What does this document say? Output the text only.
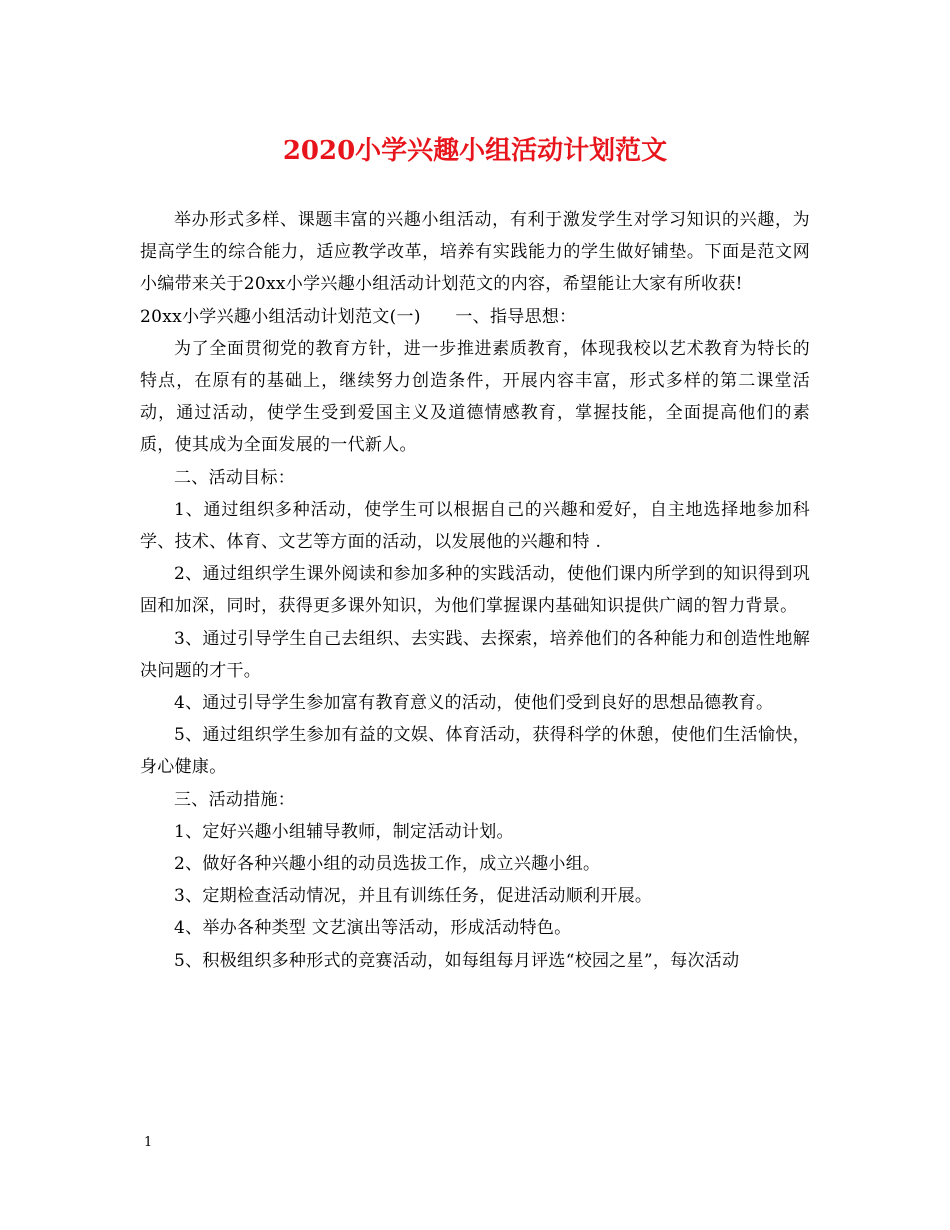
2020小学兴趣小组活动计划范文

举办形式多样、课题丰富的兴趣小组活动，有利于激发学生对学习知识的兴趣，为提高学生的综合能力，适应教学改革，培养有实践能力的学生做好铺垫。下面是范文网小编带来关于20xx小学兴趣小组活动计划范文的内容，希望能让大家有所收获!

20xx小学兴趣小组活动计划范文(一)　　一、指导思想：

为了全面贯彻党的教育方针，进一步推进素质教育，体现我校以艺术教育为特长的特点，在原有的基础上，继续努力创造条件，开展内容丰富，形式多样的第二课堂活动，通过活动，使学生受到爱国主义及道德情感教育，掌握技能，全面提高他们的素质，使其成为全面发展的一代新人。

二、活动目标：

1、通过组织多种活动，使学生可以根据自己的兴趣和爱好，自主地选择地参加科学、技术、体育、文艺等方面的活动，以发展他的兴趣和特 .

2、通过组织学生课外阅读和参加多种的实践活动，使他们课内所学到的知识得到巩固和加深，同时，获得更多课外知识，为他们掌握课内基础知识提供广阔的智力背景。

3、通过引导学生自己去组织、去实践、去探索，培养他们的各种能力和创造性地解决问题的才干。

4、通过引导学生参加富有教育意义的活动，使他们受到良好的思想品德教育。

5、通过组织学生参加有益的文娱、体育活动，获得科学的休憩，使他们生活愉快，身心健康。

三、活动措施：

1、定好兴趣小组辅导教师，制定活动计划。

2、做好各种兴趣小组的动员选拔工作，成立兴趣小组。

3、定期检查活动情况，并且有训练任务，促进活动顺利开展。

4、举办各种类型 文艺演出等活动，形成活动特色。

5、积极组织多种形式的竞赛活动，如每组每月评选“校园之星”，每次活动

1
